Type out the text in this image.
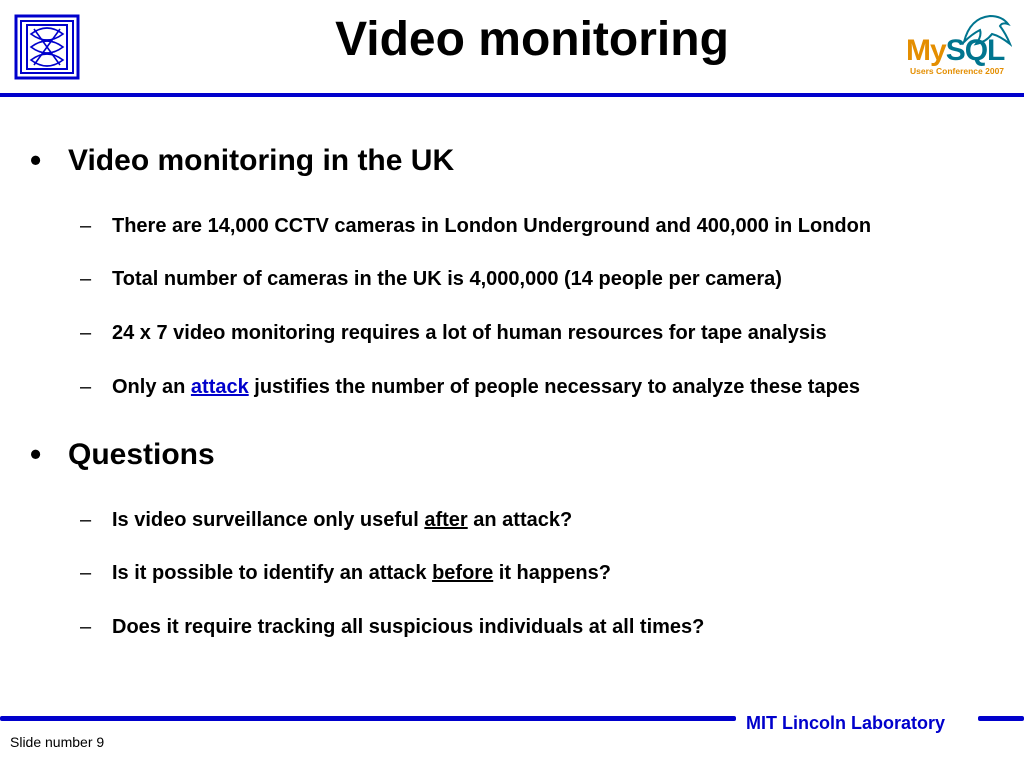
Video monitoring	MySQL
Users Conference 2007
• Video monitoring in the UK
– There are 14,000 CCTV cameras in London Underground and 400,000 in London
– Total number of cameras in the UK is 4,000,000 (14 people per camera)
– 24 x 7 video monitoring requires a lot of human resources for tape analysis
– Only an attack justifies the number of people necessary to analyze these tapes
• Questions
– Is video surveillance only useful after an attack?
– Is it possible to identify an attack before it happens?
– Does it require tracking all suspicious individuals at all times?
MIT Lincoln Laboratory
Slide number 9
